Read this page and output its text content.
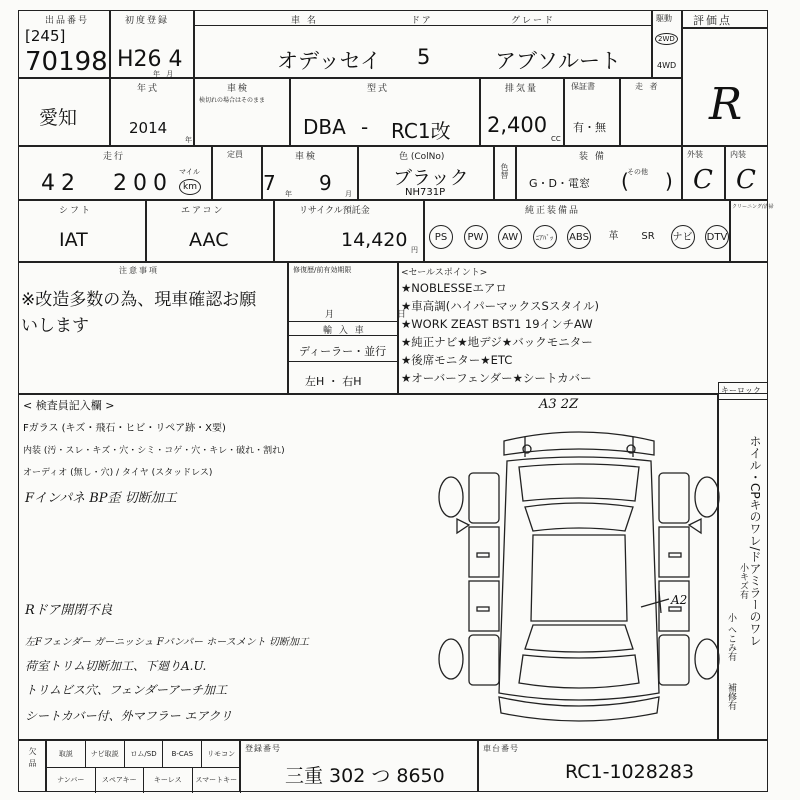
出品番号
[245]
70198
初度登録
H26 4
年 月
車 名	ドア	グレード
オデッセイ 5	アブソルート
駆動
2WD
4WD
評価点
愛知
年式
2014
年
車検
検切れの場合はそのまま
型式
DBA - RC1改
排気量
2,400
CC
保証書
有・無
走 者 R
走行
マイル
42 200	km
定員	車検
7 年 9 月
色 (ColNo)
ブラック
NH731P
色替
装 備
G・D・電窓
その他
( )
外装
C
内装
C
シフト
IAT
エアコン
AAC
リサイクル預託金
14,420 円
純正装備品
PS	PW	AW	ﾆｱﾊﾞｯ	ABS	革	SR	ナビ DTV
クリーニング/清掃
注意事項
※改造多数の為、現車確認お願
いします
修復歴/前有効期限
月 日
輸 入 車
ディーラー・並行
左H ・ 右H
<セールスポイント>
★NOBLESSEエアロ
★車高調(ハイパーマックスSスタイル)
★WORK ZEAST BST1 19インチAW
★純正ナビ★地デジ★バックモニター
★後席モニター★ETC
★オーバーフェンダー★シートカバー
< 検査員記入欄 >
Fガラス (キズ・飛石・ヒビ・リペア跡・X要)
内装 (汚・スレ・キズ・穴・シミ・コゲ・穴・キレ・破れ・割れ)
オーディオ (無し・穴) / タイヤ (スタッドレス)
Fインパネ BP歪 切断加工
Rドア開閉不良
左Fフェンダー ガーニッシュ Fバンパー ホースメント 切断加工
荷室トリム切断加工、下廻りA.U.
トリムビス穴、フェンダーアーチ加工
シートカバー付、外マフラー エアクリ
A3 2Z
A2
キーロック
ホイル・CPキのワレ/ドアミラーのワレ
小キズ有
小 へこみ有
補修有
欠品	取説	ナビ取説	ロム/SD	B-CAS	リモコン
ナンバー	スペアキー	キーレス	スマートキー
登録番号
三重 302 つ 8650
車台番号
RC1-1028283
